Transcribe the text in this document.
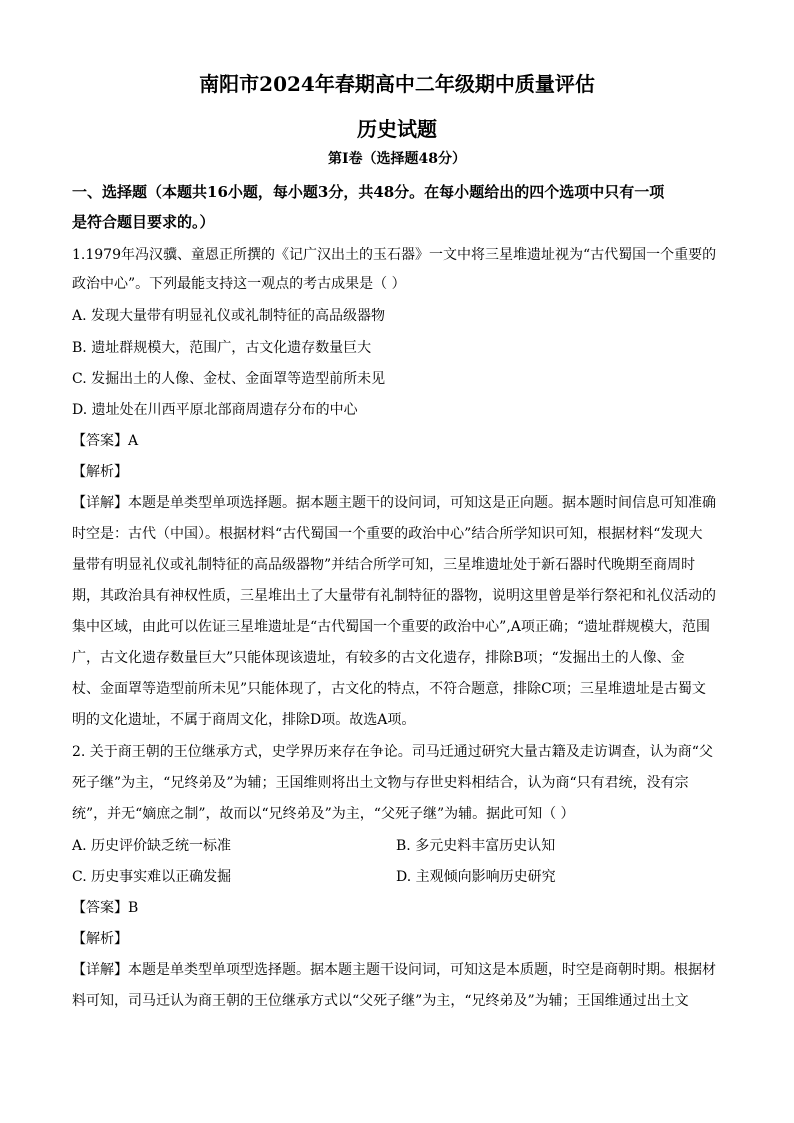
南阳市2024年春期高中二年级期中质量评估
历史试题
第Ⅰ卷（选择题48分）
一、选择题（本题共16小题，每小题3分，共48分。在每小题给出的四个选项中只有一项
是符合题目要求的。）
1.1979年冯汉骥、童恩正所撰的《记广汉出土的玉石器》一文中将三星堆遗址视为“古代蜀国一个重要的
政治中心”。下列最能支持这一观点的考古成果是（ ）
A. 发现大量带有明显礼仪或礼制特征的高品级器物
B. 遗址群规模大，范围广，古文化遗存数量巨大
C. 发掘出土的人像、金杖、金面罩等造型前所未见
D. 遗址处在川西平原北部商周遗存分布的中心
【答案】A
【解析】
【详解】本题是单类型单项选择题。据本题主题干的设问词，可知这是正向题。据本题时间信息可知准确
时空是：古代（中国）。根据材料“古代蜀国一个重要的政治中心”结合所学知识可知，根据材料“发现大
量带有明显礼仪或礼制特征的高品级器物”并结合所学可知，三星堆遗址处于新石器时代晚期至商周时
期，其政治具有神权性质，三星堆出土了大量带有礼制特征的器物，说明这里曾是举行祭祀和礼仪活动的
集中区域，由此可以佐证三星堆遗址是“古代蜀国一个重要的政治中心”,A项正确；“遗址群规模大，范围
广，古文化遗存数量巨大”只能体现该遗址，有较多的古文化遗存，排除B项；“发掘出土的人像、金
杖、金面罩等造型前所未见”只能体现了，古文化的特点，不符合题意，排除C项；三星堆遗址是古蜀文
明的文化遗址，不属于商周文化，排除D项。故选A项。
2. 关于商王朝的王位继承方式，史学界历来存在争论。司马迁通过研究大量古籍及走访调查，认为商“父
死子继”为主，“兄终弟及”为辅；王国维则将出土文物与存世史料相结合，认为商“只有君统，没有宗
统”，并无“嫡庶之制”，故而以“兄终弟及”为主，“父死子继”为辅。据此可知（ ）
A. 历史评价缺乏统一标准	B. 多元史料丰富历史认知
C. 历史事实难以正确发掘	D. 主观倾向影响历史研究
【答案】B
【解析】
【详解】本题是单类型单项型选择题。据本题主题干设问词，可知这是本质题，时空是商朝时期。根据材
料可知，司马迁认为商王朝的王位继承方式以“父死子继”为主，“兄终弟及”为辅；王国维通过出土文
